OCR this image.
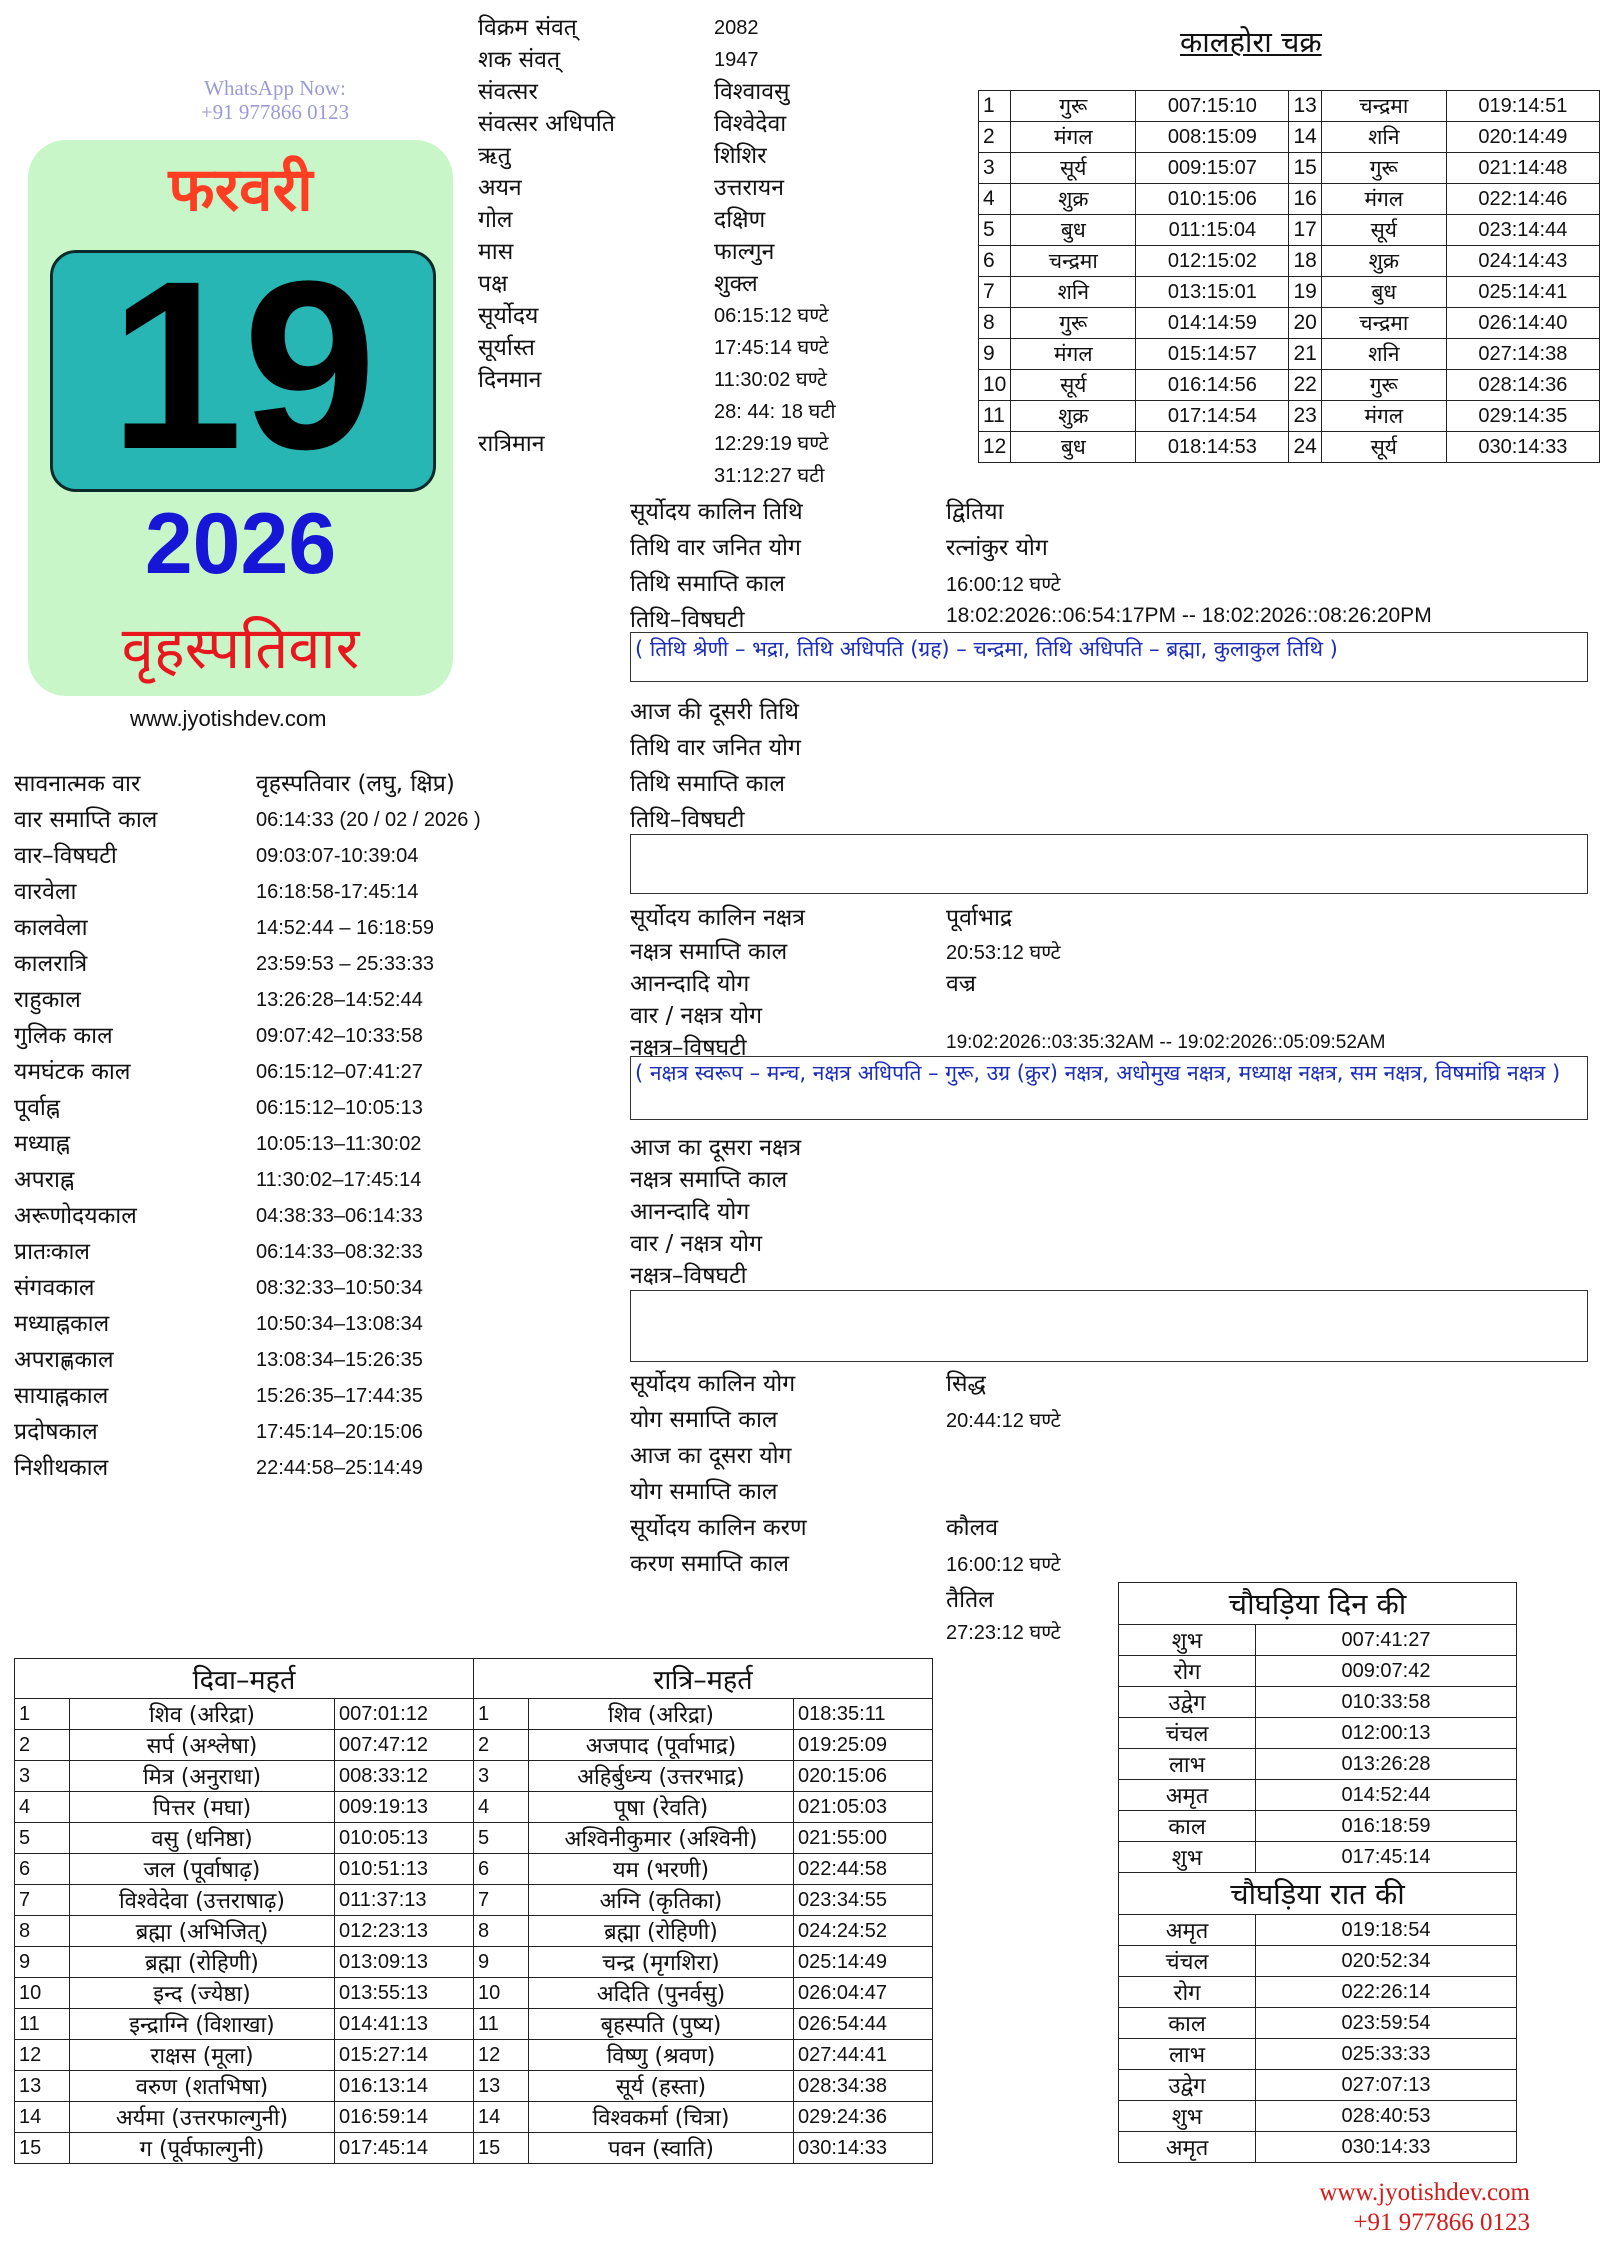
WhatsApp Now:
+91 977866 0123
फरवरी
19
2026
वृहस्पतिवार
www.jyotishdev.com
विक्रम संवत्	2082
शक संवत्	1947
संवत्सर	विश्वावसु
संवत्सर अधिपति	विश्वेदेवा
ऋतु	शिशिर
अयन	उत्तरायन
गोल	दक्षिण
मास	फाल्गुन
पक्ष	शुक्ल
सूर्योदय	06:15:12 घण्टे
सूर्यास्त	17:45:14 घण्टे
दिनमान	11:30:02 घण्टे
28: 44: 18 घटी
रात्रिमान	12:29:19 घण्टे
31:12:27 घटी
कालहोरा चक्र
1	गुरू	007:15:10	13	चन्द्रमा	019:14:51
2	मंगल	008:15:09	14	शनि	020:14:49
3	सूर्य	009:15:07	15	गुरू	021:14:48
4	शुक्र	010:15:06	16	मंगल	022:14:46
5	बुध	011:15:04	17	सूर्य	023:14:44
6	चन्द्रमा	012:15:02	18	शुक्र	024:14:43
7	शनि	013:15:01	19	बुध	025:14:41
8	गुरू	014:14:59	20	चन्द्रमा	026:14:40
9	मंगल	015:14:57	21	शनि	027:14:38
10	सूर्य	016:14:56	22	गुरू	028:14:36
11	शुक्र	017:14:54	23	मंगल	029:14:35
12	बुध	018:14:53	24	सूर्य	030:14:33
सूर्योदय कालिन तिथि	द्वितिया
तिथि वार जनित योग	रत्नांकुर योग
तिथि समाप्ति काल	16:00:12 घण्टे
तिथि–विषघटी	18:02:2026::06:54:17PM -- 18:02:2026::08:26:20PM
( तिथि श्रेणी – भद्रा, तिथि अधिपति (ग्रह) – चन्द्रमा, तिथि अधिपति – ब्रह्मा, कुलाकुल तिथि )
आज की दूसरी तिथि
तिथि वार जनित योग
तिथि समाप्ति काल
तिथि–विषघटी
सूर्योदय कालिन नक्षत्र	पूर्वाभाद्र
नक्षत्र समाप्ति काल	20:53:12 घण्टे
आनन्दादि योग	वज्र
वार / नक्षत्र योग
नक्षत्र–विषघटी	19:02:2026::03:35:32AM -- 19:02:2026::05:09:52AM
( नक्षत्र स्वरूप – मन्च, नक्षत्र अधिपति – गुरू, उग्र (क्रुर) नक्षत्र, अधोमुख नक्षत्र, मध्याक्ष नक्षत्र, सम नक्षत्र, विषमांघ्रि नक्षत्र )
आज का दूसरा नक्षत्र
नक्षत्र समाप्ति काल
आनन्दादि योग
वार / नक्षत्र योग
नक्षत्र–विषघटी
सूर्योदय कालिन योग	सिद्ध
योग समाप्ति काल	20:44:12 घण्टे
आज का दूसरा योग
योग समाप्ति काल
सूर्योदय कालिन करण	कौलव
करण समाप्ति काल	16:00:12 घण्टे
तैतिल
27:23:12 घण्टे
सावनात्मक वार	वृहस्पतिवार (लघु, क्षिप्र)
वार समाप्ति काल	06:14:33 (20 / 02 / 2026 )
वार–विषघटी	09:03:07-10:39:04
वारवेला	16:18:58-17:45:14
कालवेला	14:52:44 – 16:18:59
कालरात्रि	23:59:53 – 25:33:33
राहुकाल	13:26:28–14:52:44
गुलिक काल	09:07:42–10:33:58
यमघंटक काल	06:15:12–07:41:27
पूर्वाह्न	06:15:12–10:05:13
मध्याह्न	10:05:13–11:30:02
अपराह्न	11:30:02–17:45:14
अरूणोदयकाल	04:38:33–06:14:33
प्रातःकाल	06:14:33–08:32:33
संगवकाल	08:32:33–10:50:34
मध्याह्नकाल	10:50:34–13:08:34
अपराह्णकाल	13:08:34–15:26:35
सायाह्नकाल	15:26:35–17:44:35
प्रदोषकाल	17:45:14–20:15:06
निशीथकाल	22:44:58–25:14:49
दिवा–महर्त			रात्रि–महर्त		
1	शिव (अरिद्रा)	007:01:12	1	शिव (अरिद्रा)	018:35:11
2	सर्प (अश्लेषा)	007:47:12	2	अजपाद (पूर्वाभाद्र)	019:25:09
3	मित्र (अनुराधा)	008:33:12	3	अहिर्बुध्न्य (उत्तरभाद्र)	020:15:06
4	पित्तर (मघा)	009:19:13	4	पूषा (रेवति)	021:05:03
5	वसु (धनिष्ठा)	010:05:13	5	अश्विनीकुमार (अश्विनी)	021:55:00
6	जल (पूर्वाषाढ़)	010:51:13	6	यम (भरणी)	022:44:58
7	विश्वेदेवा (उत्तराषाढ़)	011:37:13	7	अग्नि (कृतिका)	023:34:55
8	ब्रह्मा (अभिजित्)	012:23:13	8	ब्रह्मा (रोहिणी)	024:24:52
9	ब्रह्मा (रोहिणी)	013:09:13	9	चन्द्र (मृगशिरा)	025:14:49
10	इन्द (ज्येष्ठा)	013:55:13	10	अदिति (पुनर्वसु)	026:04:47
11	इन्द्राग्नि (विशाखा)	014:41:13	11	बृहस्पति (पुष्य)	026:54:44
12	राक्षस (मूला)	015:27:14	12	विष्णु (श्रवण)	027:44:41
13	वरुण (शतभिषा)	016:13:14	13	सूर्य (हस्ता)	028:34:38
14	अर्यमा (उत्तरफाल्गुनी)	016:59:14	14	विश्वकर्मा (चित्रा)	029:24:36
15	ग (पूर्वफाल्गुनी)	017:45:14	15	पवन (स्वाति)	030:14:33
चौघड़िया दिन की	
शुभ	007:41:27
रोग	009:07:42
उद्वेग	010:33:58
चंचल	012:00:13
लाभ	013:26:28
अमृत	014:52:44
काल	016:18:59
शुभ	017:45:14
चौघड़िया रात की	
अमृत	019:18:54
चंचल	020:52:34
रोग	022:26:14
काल	023:59:54
लाभ	025:33:33
उद्वेग	027:07:13
शुभ	028:40:53
अमृत	030:14:33
www.jyotishdev.com
+91 977866 0123
